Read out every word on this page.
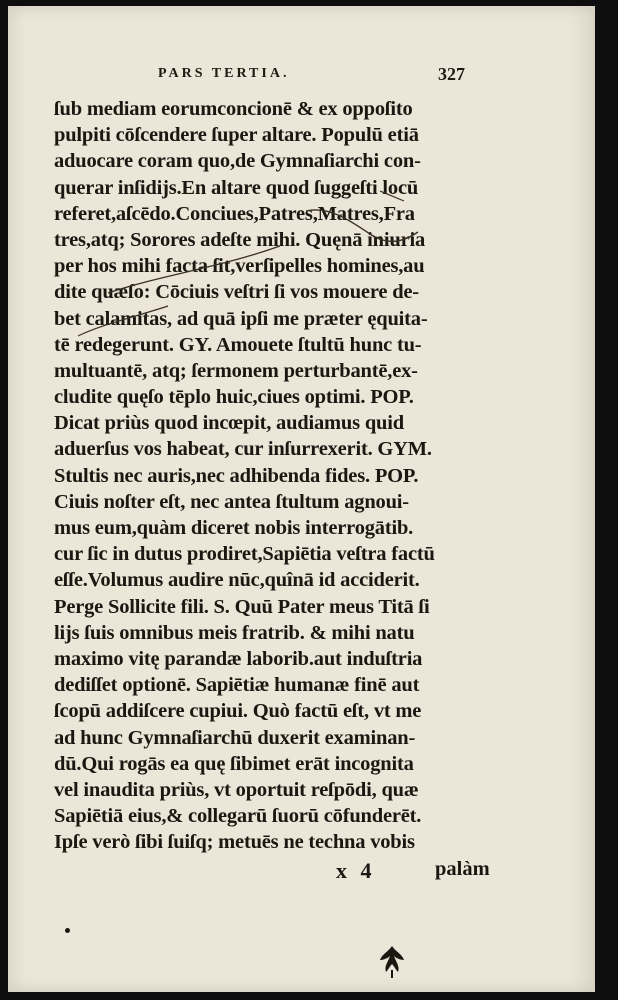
PARS TERTIA.	327
ſub mediam eorumconcionē & ex oppoſito
pulpiti cōſcendere ſuper altare. Populū etiā
aduocare coram quo,de Gymnaſiarchi con-
querar inſidijs.En altare quod ſuggeſti locū
referet,aſcēdo.Conciues,Patres,Matres,Fra
tres,atq; Sorores adeſte mihi. Quęnā iniuria
per hos mihi facta ſit,verſipelles homines,au
dite quæſo: Cōciuis veſtri ſi vos mouere de-
bet calamitas, ad quā ipſi me præter ęquita-
tē redegerunt. GY. Amouete ſtultū hunc tu-
multuantē, atq; ſermonem perturbantē,ex-
cludite quęſo tēplo huic,ciues optimi. POP.
Dicat priùs quod incœpit, audiamus quid
aduerſus vos habeat, cur inſurrexerit. GYM.
Stultis nec auris,nec adhibenda fides. POP.
Ciuis noſter eſt, nec antea ſtultum agnoui-
mus eum,quàm diceret nobis interrogātib.
cur ſic in dutus prodiret,Sapiētia veſtra factū
eſſe.Volumus audire nūc,quînā id acciderit.
Perge Sollicite fili. S. Quū Pater meus Titā ſi
lijs ſuis omnibus meis fratrib. & mihi natu
maximo vitę parandæ laborib.aut induſtria
dediſſet optionē. Sapiētiæ humanæ finē aut
ſcopū addiſcere cupiui. Quò factū eſt, vt me
ad hunc Gymnaſiarchū duxerit examinan-
dū.Qui rogās ea quę ſibimet erāt incognita
vel inaudita priùs, vt oportuit reſpōdi, quæ
Sapiētiā eius,& collegarū ſuorū cōfunderēt.
Ipſe verò ſibi ſuiſq; metuēs ne techna vobis
x 4	palàm
